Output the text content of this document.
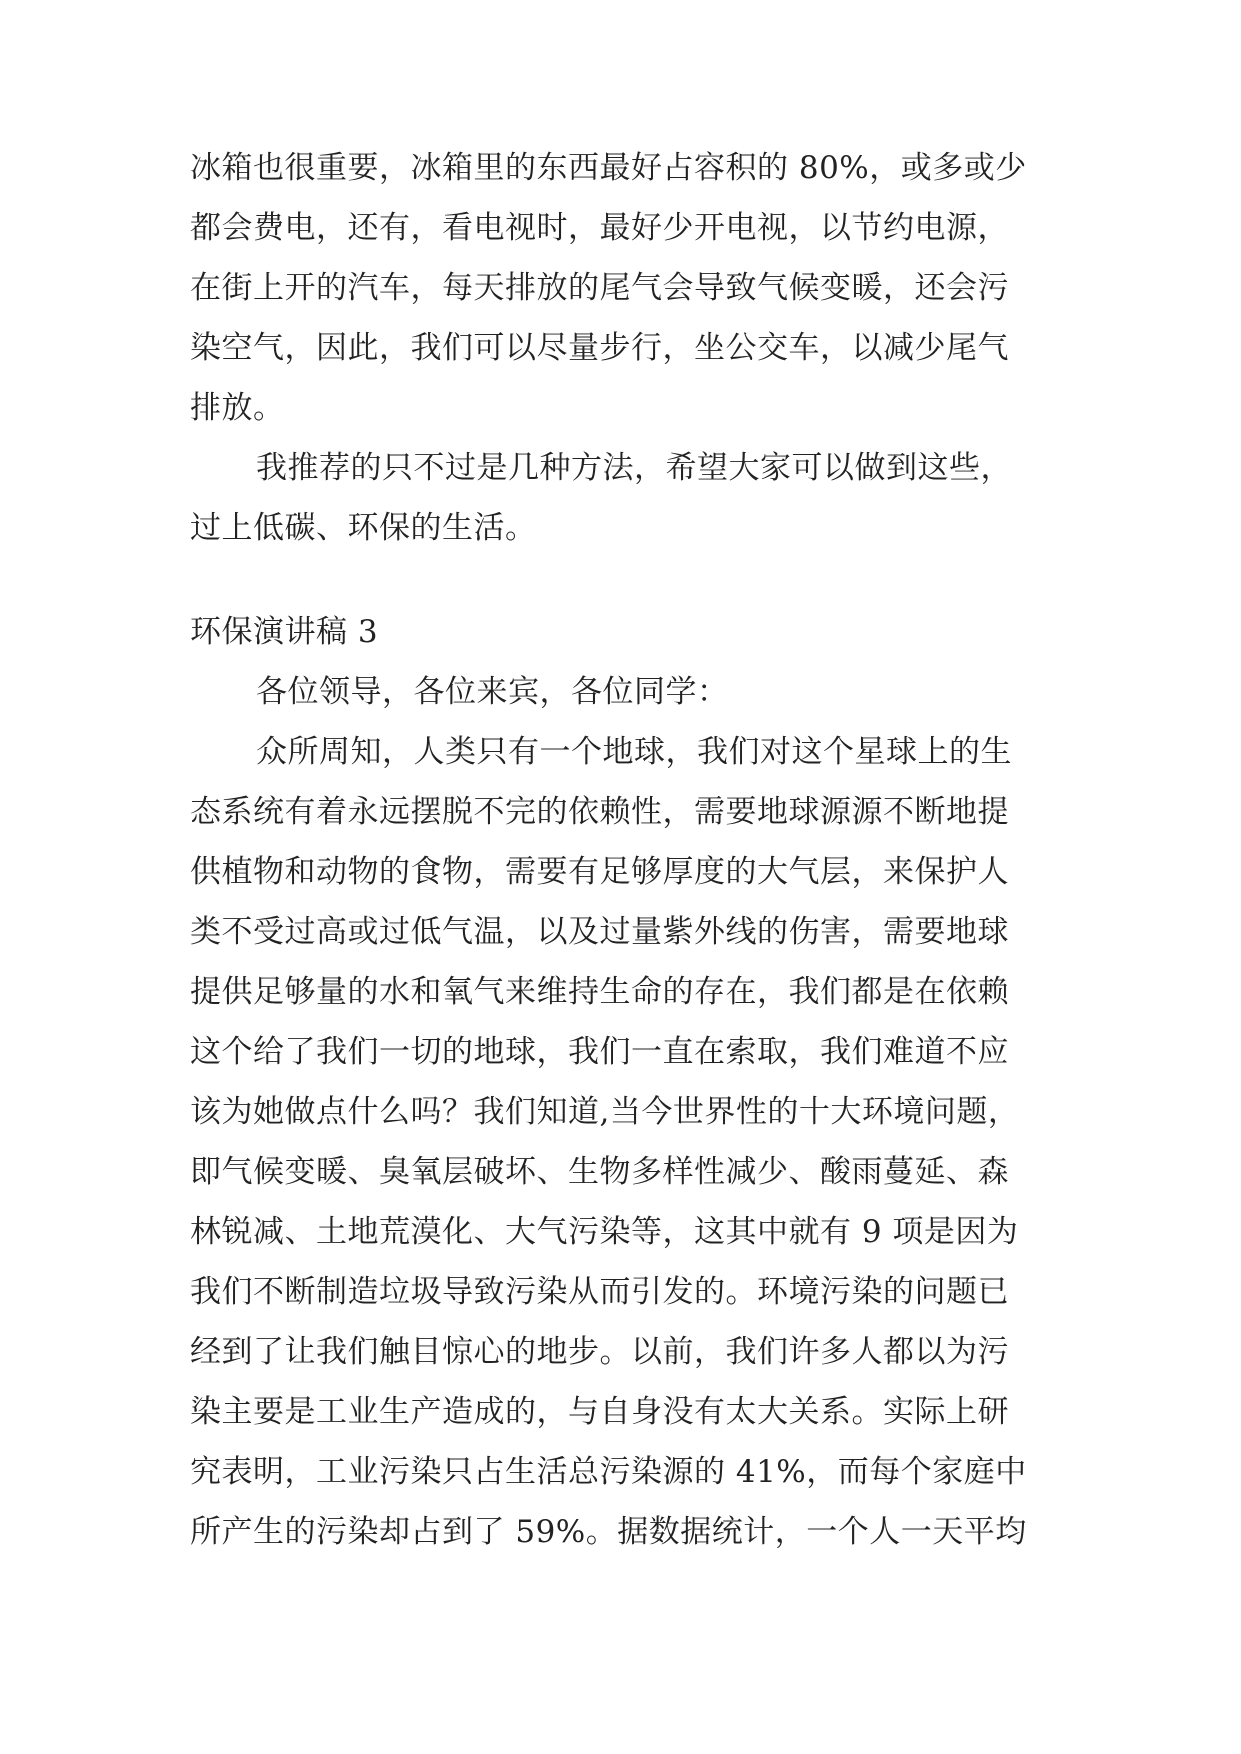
冰箱也很重要，冰箱里的东西最好占容积的 80%，或多或少
都会费电，还有，看电视时，最好少开电视，以节约电源，
在街上开的汽车，每天排放的尾气会导致气候变暖，还会污
染空气，因此，我们可以尽量步行，坐公交车，以减少尾气
排放。
我推荐的只不过是几种方法，希望大家可以做到这些，
过上低碳、环保的生活。
环保演讲稿 3
各位领导，各位来宾，各位同学：
众所周知，人类只有一个地球，我们对这个星球上的生
态系统有着永远摆脱不完的依赖性，需要地球源源不断地提
供植物和动物的食物，需要有足够厚度的大气层，来保护人
类不受过高或过低气温，以及过量紫外线的伤害，需要地球
提供足够量的水和氧气来维持生命的存在，我们都是在依赖
这个给了我们一切的地球，我们一直在索取，我们难道不应
该为她做点什么吗？我们知道,当今世界性的十大环境问题，
即气候变暖、臭氧层破坏、生物多样性减少、酸雨蔓延、森
林锐减、土地荒漠化、大气污染等，这其中就有 9 项是因为
我们不断制造垃圾导致污染从而引发的。环境污染的问题已
经到了让我们触目惊心的地步。以前，我们许多人都以为污
染主要是工业生产造成的，与自身没有太大关系。实际上研
究表明，工业污染只占生活总污染源的 41%，而每个家庭中
所产生的污染却占到了 59%。据数据统计，一个人一天平均
